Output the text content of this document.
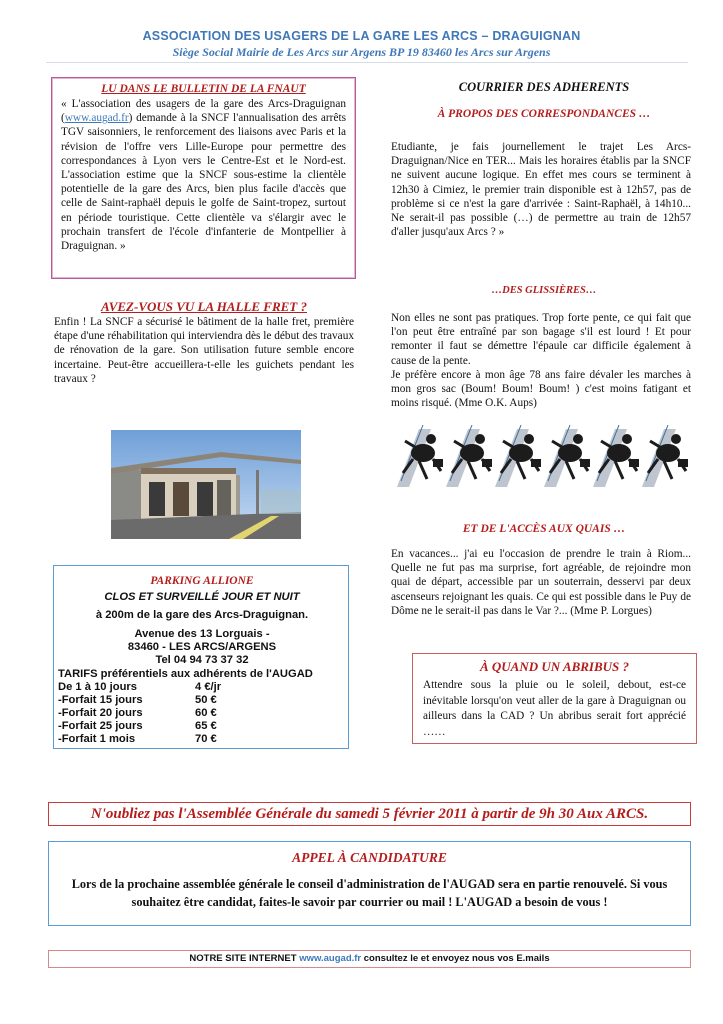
ASSOCIATION DES USAGERS DE LA GARE LES ARCS – DRAGUIGNAN
Siège Social Mairie de Les Arcs sur Argens BP 19 83460 les Arcs sur Argens
LU DANS LE BULLETIN DE LA FNAUT
« L'association des usagers de la gare des Arcs-Draguignan (www.augad.fr) demande à la SNCF l'annualisation des arrêts TGV saisonniers, le renforcement des liaisons avec Paris et la révision de l'offre vers Lille-Europe pour permettre des correspondances à Lyon vers le Centre-Est et le Nord-est. L'association estime que la SNCF sous-estime la clientèle potentielle de la gare des Arcs, bien plus facile d'accès que celle de Saint-raphaël depuis le golfe de Saint-tropez, surtout en période touristique. Cette clientèle va s'élargir avec le prochain transfert de l'école d'infanterie de Montpellier à Draguignan. »
AVEZ-VOUS VU LA HALLE FRET ?
Enfin ! La SNCF a sécurisé le bâtiment de la halle fret, première étape d'une réhabilitation qui interviendra dès le début des travaux de rénovation de la gare. Son utilisation future semble encore incertaine. Peut-être accueillera-t-elle les guichets pendant les travaux ?
PARKING ALLIONE
CLOS ET SURVEILLÉ JOUR ET NUIT
à 200m de la gare des Arcs-Draguignan.
Avenue des 13 Lorguais -
83460 - LES ARCS/ARGENS
Tel 04 94 73 37 32
TARIFS préférentiels aux adhérents de l'AUGAD
De 1 à 10 jours	4 €/jr
-Forfait 15 jours	50 €
-Forfait 20 jours	60 €
-Forfait 25 jours	65 €
-Forfait 1 mois	70 €
COURRIER DES ADHERENTS
À PROPOS DES CORRESPONDANCES …
Etudiante, je fais journellement le trajet Les Arcs-Draguignan/Nice en TER... Mais les horaires établis par la SNCF ne suivent aucune logique. En effet mes cours se terminent à 12h30 à Cimiez, le premier train disponible est à 12h57, pas de problème si ce n'est la gare d'arrivée : Saint-Raphaël, à 14h10... Ne serait-il pas possible (…) de permettre au train de 12h57 d'aller jusqu'aux Arcs ? »
…DES GLISSIÈRES…

Non elles ne sont pas pratiques. Trop forte pente, ce qui fait que l'on peut être entraîné par son bagage s'il est lourd ! Et pour remonter il faut se démettre l'épaule car difficile également à cause de la pente.

Je préfère encore à mon âge 78 ans faire dévaler les marches à mon gros sac (Boum! Boum! Boum! ) c'est moins fatigant et moins risqué. (Mme O.K. Aups)

ET DE L'ACCÈS AUX QUAIS …
En vacances... j'ai eu l'occasion de prendre le train à Riom... Quelle ne fut pas ma surprise, fort agréable, de rejoindre mon quai de départ, accessible par un souterrain, desservi par deux ascenseurs rejoignant les quais. Ce qui est possible dans le Puy de Dôme ne le serait-il pas dans le Var ?... (Mme P. Lorgues)
À QUAND UN ABRIBUS ?
Attendre sous la pluie ou le soleil, debout, est-ce inévitable lorsqu'on veut aller de la gare à Draguignan ou ailleurs dans la CAD ? Un abribus serait fort apprécié ……
N'oubliez pas l'Assemblée Générale du samedi 5 février 2011 à partir de 9h 30 Aux ARCS.
APPEL À CANDIDATURE
Lors de la prochaine assemblée générale le conseil d'administration de l'AUGAD sera en partie renouvelé. Si vous souhaitez être candidat, faites-le savoir par courrier ou mail ! L'AUGAD a besoin de vous !
NOTRE SITE INTERNET www.augad.fr consultez le et envoyez nous vos E.mails
